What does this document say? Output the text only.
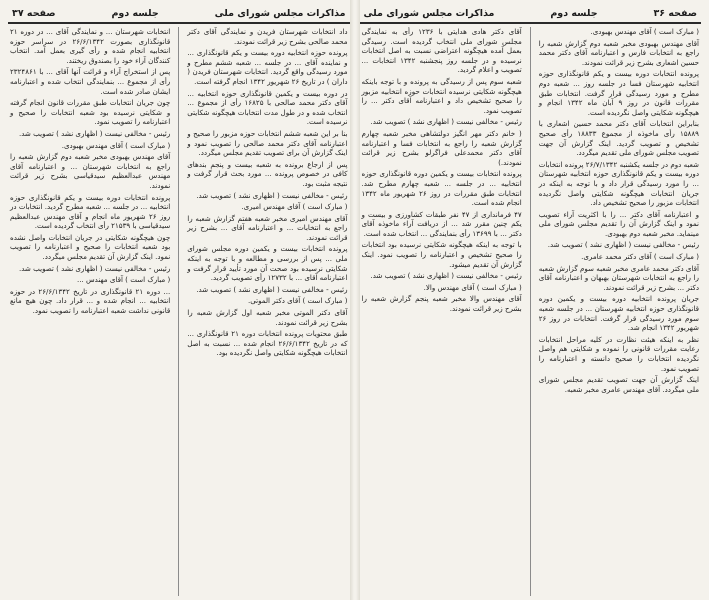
صفحه ۳۶
جلسه دوم
مذاکرات مجلس شورای ملی

( مبارک است ) آقای مهندس بهبودی.

آقای مهندس بهبودی مخبر شعبه دوم گزارش شعبه را راجع به انتخابات فارس و اعتبارنامه آقای دکتر محمد حسین اشعاری بشرح زیر قرائت نمودند.

پرونده انتخابات دوره بیست و یکم قانونگذاری حوزه انتخابیه شهرستان فسا در جلسه روز ... شعبه دوم مطرح و مورد رسیدگی قرار گرفت. انتخابات طبق مقررات قانون در روز ۹ آبان ماه ۱۳۴۲ انجام و هیچگونه شکایتی واصل نگردیده است.

بنابراین انتخابات آقای دکتر محمد حسین اشعاری با ۱۵۸۸۹ رأی ماخوذه از مجموع ۱۸۸۳۳ رأی صحیح تشخیص و تصویب گردید. اینک گزارش آن جهت تصویب مجلس شورای ملی تقدیم میگردد.

شعبه دوم در جلسه یکشنبه ۲۶/۷/۱۳۴۲ پرونده انتخابات دوره بیست و یکم قانونگذاری حوزه انتخابیه شهرستان ... را مورد رسیدگی قرار داد و با توجه به اینکه در جریان انتخابات هیچگونه شکایتی واصل نگردیده انتخابات مزبور را صحیح تشخیص داد.

و اعتبارنامه آقای دکتر ... را با اکثریت آراء تصویب نمود و اینک گزارش آن را تقدیم مجلس شورای ملی مینماید. مخبر شعبه دوم بهبودی.

رئیس - مخالفی نیست ( اظهاری نشد ) تصویب شد.

( مبارک است ) آقای دکتر محمد عامری.

آقای دکتر محمد عامری مخبر شعبه سوم گزارش شعبه را راجع به انتخابات شهرستان بهبهان و اعتبارنامه آقای دکتر ... بشرح زیر قرائت نمودند.

جریان پرونده انتخابیه دوره بیست و یکمین دوره قانونگذاری حوزه انتخابیه شهرستان ... در جلسه شعبه سوم مورد رسیدگی قرار گرفت. انتخابات در روز ۲۶ شهریور ۱۳۴۲ انجام شد.

نظر به اینکه هیئت نظارت در کلیه مراحل انتخابات رعایت مقررات قانونی را نموده و شکایتی هم واصل نگردیده انتخابات را صحیح دانسته و اعتبارنامه را تصویب نمود.

اینک گزارش آن جهت تصویب تقدیم مجلس شورای ملی میگردد. آقای مهندس عامری مخبر شعبه.

آقای دکتر هادی هدایتی با ۱۲۳۶ رأی به نمایندگی مجلس شورای ملی انتخاب گردیده است. رسیدگی بعمل آمده هیچگونه اعتراضی نسبت به اصل انتخابات نرسیده و در جلسه روز پنجشنبه ۱۳۴۲ انتخابات ... تصویب و اعلام گردید.

شعبه سوم پس از رسیدگی به پرونده و با توجه باینکه هیچگونه شکایتی نرسیده انتخابات حوزه انتخابیه مزبور را صحیح تشخیص داد و اعتبارنامه آقای دکتر ... را تصویب نمود.

رئیس - مخالفی نیست ( اظهاری نشد ) تصویب شد.

( خانم دکتر مهر انگیز دولتشاهی مخبر شعبه چهارم گزارش شعبه را راجع به انتخابات فسا و اعتبارنامه آقای دکتر محمدعلی فراگرلو بشرح زیر قرائت نمودند.)

پرونده انتخابات بیست و یکمین دوره قانونگذاری حوزه انتخابیه ... در جلسه ... شعبه چهارم مطرح شد. انتخابات طبق مقررات در روز ۲۶ شهریور ماه ۱۳۴۲ انجام شده است.

۴۷ فرمانداری از ۴۷ نفر طبقات کشاورزی و بیست و یکم چنین مقرر شد ... از دریافت آراء ماخوذه آقای دکتر ... با ۱۳۶۹۹ رأی بنمایندگی ... انتخاب شده است.

با توجه به اینکه هیچگونه شکایتی نرسیده بود انتخابات را صحیح تشخیص و اعتبارنامه را تصویب نمود. اینک گزارش آن تقدیم میشود.

رئیس - مخالفی نیست ( اظهاری نشد ) تصویب شد.

( مبارک است ) آقای مهندس والا.

آقای مهندس والا مخبر شعبه پنجم گزارش شعبه را بشرح زیر قرائت نمودند.

مذاکرات مجلس شورای ملی
جلسه دوم
صفحه ۳۷

داد انتخابات شهرستان فریدن و نمایندگی آقای دکتر محمد صالحی بشرح زیر قرائت نمودند.

پرونده حوزه انتخابیه دوره بیست و یکم قانونگذاری ... و نماینده آقای ... در جلسه ... شعبه ششم مطرح و مورد رسیدگی واقع گردید. انتخابات شهرستان فریدن ( داران ) در تاریخ ۲۶ شهریور ۱۳۴۲ انجام گرفته است.

در دوره بیست و یکمین قانونگذاری حوزه انتخابیه ... آقای دکتر محمد صالحی با ۱۶۸۲۵ رأی از مجموع ... انتخاب شده و در طول مدت انتخابات هیچگونه شکایتی نرسیده است.

بنا بر این شعبه ششم انتخابات حوزه مزبور را صحیح و اعتبارنامه آقای دکتر محمد صالحی را تصویب نمود و اینک گزارش آن برای تصویب تقدیم مجلس میگردد.

پس از ارجاع برونده به شعبه بیست و پنجم بندهای کافی در خصوص پرونده ... مورد بحث قرار گرفت و نتیجه مثبت بود.

رئیس - مخالفی نیست ( اظهاری نشد ) تصویب شد.

( مبارک است ) آقای مهندس امیری.

آقای مهندس امیری مخبر شعبه هفتم گزارش شعبه را راجع به انتخابات ... و اعتبارنامه آقای ... بشرح زیر قرائت نمودند.

پرونده انتخابات بیست و یکمین دوره مجلس شورای ملی ... پس از بررسی و مطالعه و با توجه به اینکه شکایتی نرسیده بود صحت آن مورد تأیید قرار گرفت و اعتبارنامه آقای ... با ۱۲۷۳۲ رأی تصویب گردید.

رئیس - مخالفی نیست ( اظهاری نشد ) تصویب شد.

( مبارک است ) آقای دکتر الموتی.

آقای دکتر الموتی مخبر شعبه اول گزارش شعبه را بشرح زیر قرائت نمودند.

طبق محتویات پرونده انتخابات دوره ۲۱ قانونگذاری ... که در تاریخ ۲۶/۶/۱۳۴۲ انجام شده ... نسبت به اصل انتخابات هیچگونه شکایتی واصل نگردیده بود.

انتخابات شهرستان ... و نمایندگی آقای ... در دوره ۲۱ قانونگذاری بصورت ۲۶/۶/۱۳۴۲ در سراسر حوزه انتخابیه انجام شده و رأی گیری بعمل آمد. انتخاب کنندگان آراء خود را بصندوق ریختند.

پس از استخراج آراء و قرائت آنها آقای ... با ۲۳۲۴۸۶۱ رأی از مجموع ... بنمایندگی انتخاب شده و اعتبارنامه ایشان صادر شده است.

چون جریان انتخابات طبق مقررات قانون انجام گرفته و شکایتی نرسیده بود شعبه انتخابات را صحیح و اعتبارنامه را تصویب نمود.

رئیس - مخالفی نیست ( اظهاری نشد ) تصویب شد.

( مبارک است ) آقای مهندس بهبودی.

آقای مهندس بهبودی مخبر شعبه دوم گزارش شعبه را راجع به انتخابات شهرستان ... و اعتبارنامه آقای مهندس عبدالعظیم سیدقیاسی بشرح زیر قرائت نمودند.

پرونده انتخابات دوره بیست و یکم قانونگذاری حوزه انتخابیه ... در جلسه ... شعبه مطرح گردید. انتخابات در روز ۲۶ شهریور ماه انجام و آقای مهندس عبدالعظیم سیدقیاسی با ۲۱۵۳۹ رأی انتخاب گردیده است.

چون هیچگونه شکایتی در جریان انتخابات واصل نشده بود شعبه انتخابات را صحیح و اعتبارنامه را تصویب نمود. اینک گزارش آن تقدیم مجلس میگردد.

رئیس - مخالفی نیست ( اظهاری نشد ) تصویب شد.

( مبارک است ) آقای مهندس ...

... دوره ۲۱ قانونگذاری در تاریخ ۲۶/۶/۱۳۴۲ در حوزه انتخابیه ... انجام شده و ... قرار داد. چون هیچ مانع قانونی نداشت شعبه اعتبارنامه را تصویب نمود.
